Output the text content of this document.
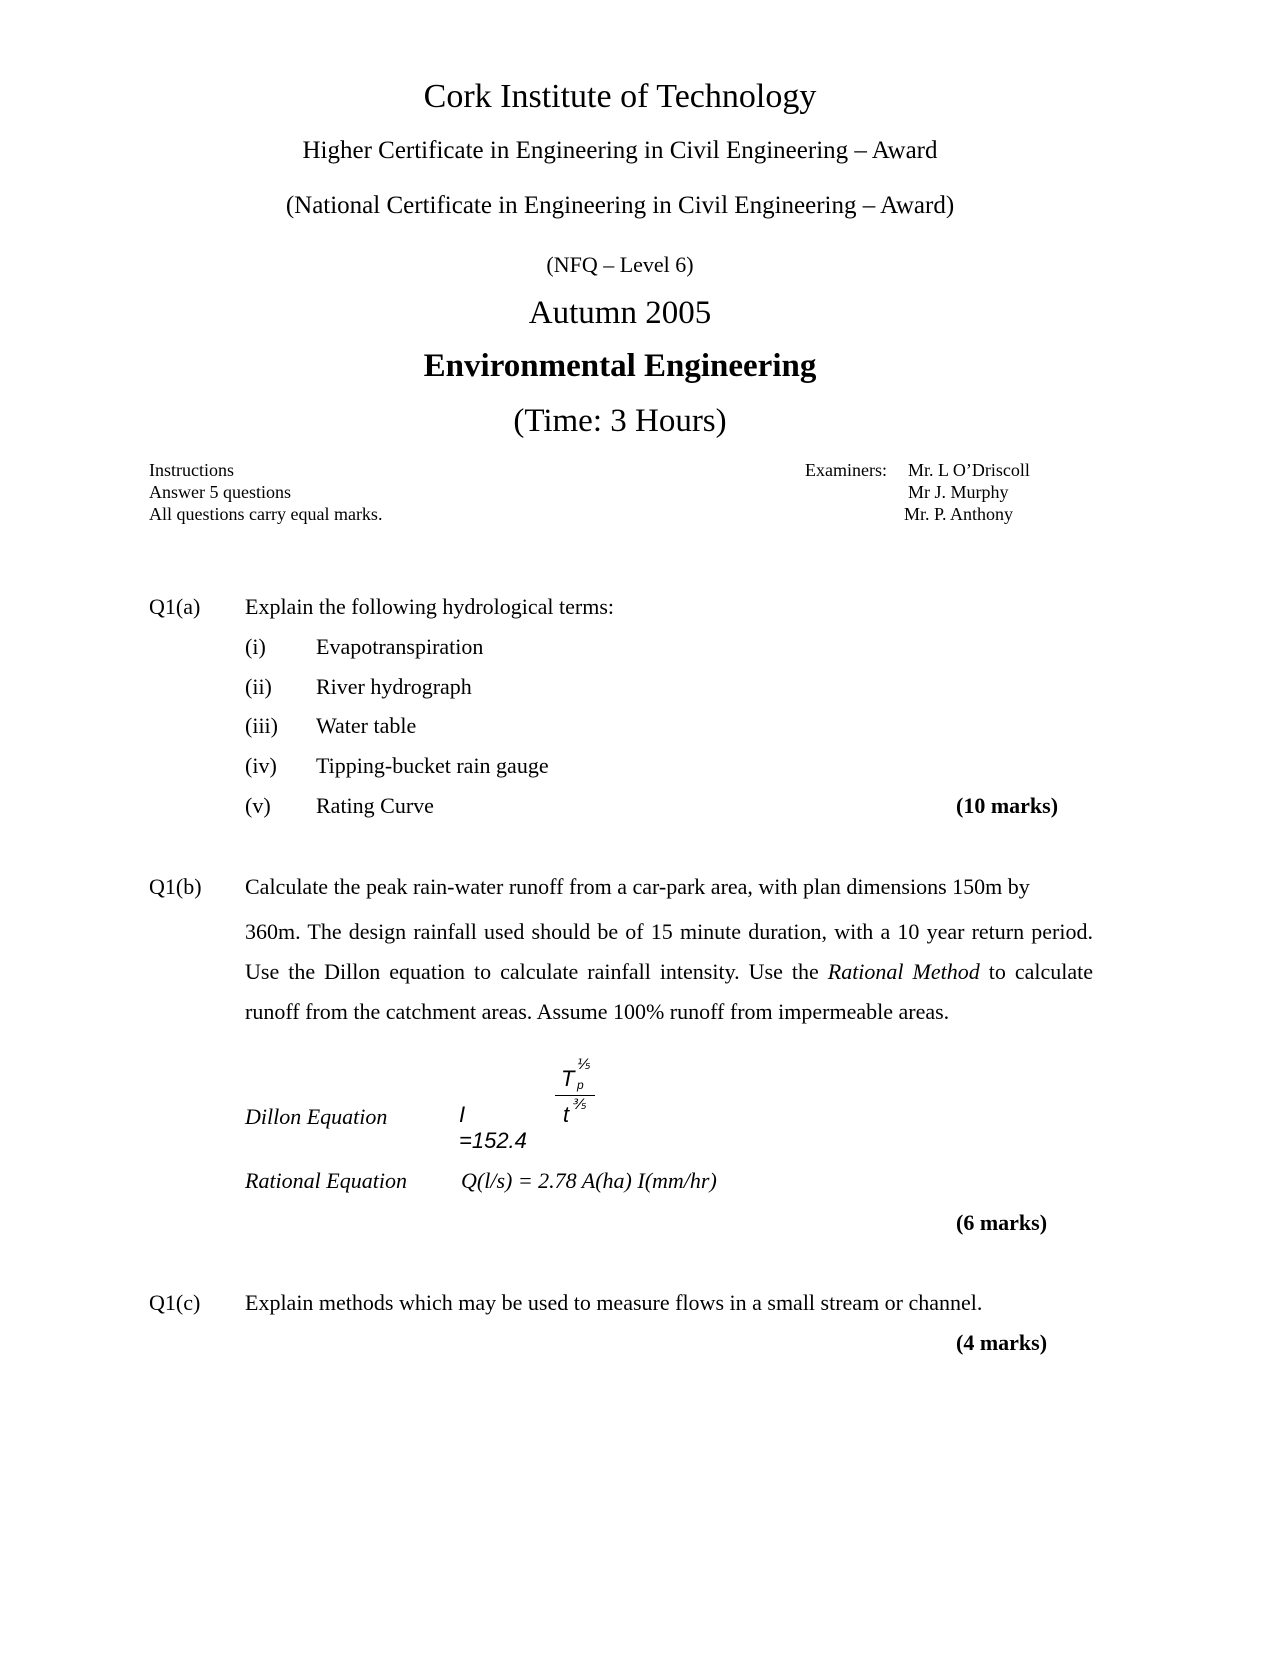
Cork Institute of Technology
Higher Certificate in Engineering in Civil Engineering – Award
(National Certificate in Engineering in Civil Engineering – Award)
(NFQ – Level 6)
Autumn 2005
Environmental Engineering
(Time: 3 Hours)
Instructions
Answer 5 questions
All questions carry equal marks.
Examiners: Mr. L O’Driscoll
Mr J. Murphy
Mr. P. Anthony
Q1(a) Explain the following hydrological terms:
(i) Evapotranspiration
(ii) River hydrograph
(iii) Water table
(iv) Tipping-bucket rain gauge
(v) Rating Curve	(10 marks)
Q1(b) Calculate the peak rain-water runoff from a car-park area, with plan dimensions 150m by
360m. The design rainfall used should be of 15 minute duration, with a 10 year return period. Use the Dillon equation to calculate rainfall intensity. Use the Rational Method to calculate runoff from the catchment areas. Assume 100% runoff from impermeable areas.
Dillon Equation	I =152.4
T
⅕
p
t ⅗
Rational Equation Q(l/s) = 2.78 A(ha) I(mm/hr)
(6 marks)
Q1(c) Explain methods which may be used to measure flows in a small stream or channel.
(4 marks)
